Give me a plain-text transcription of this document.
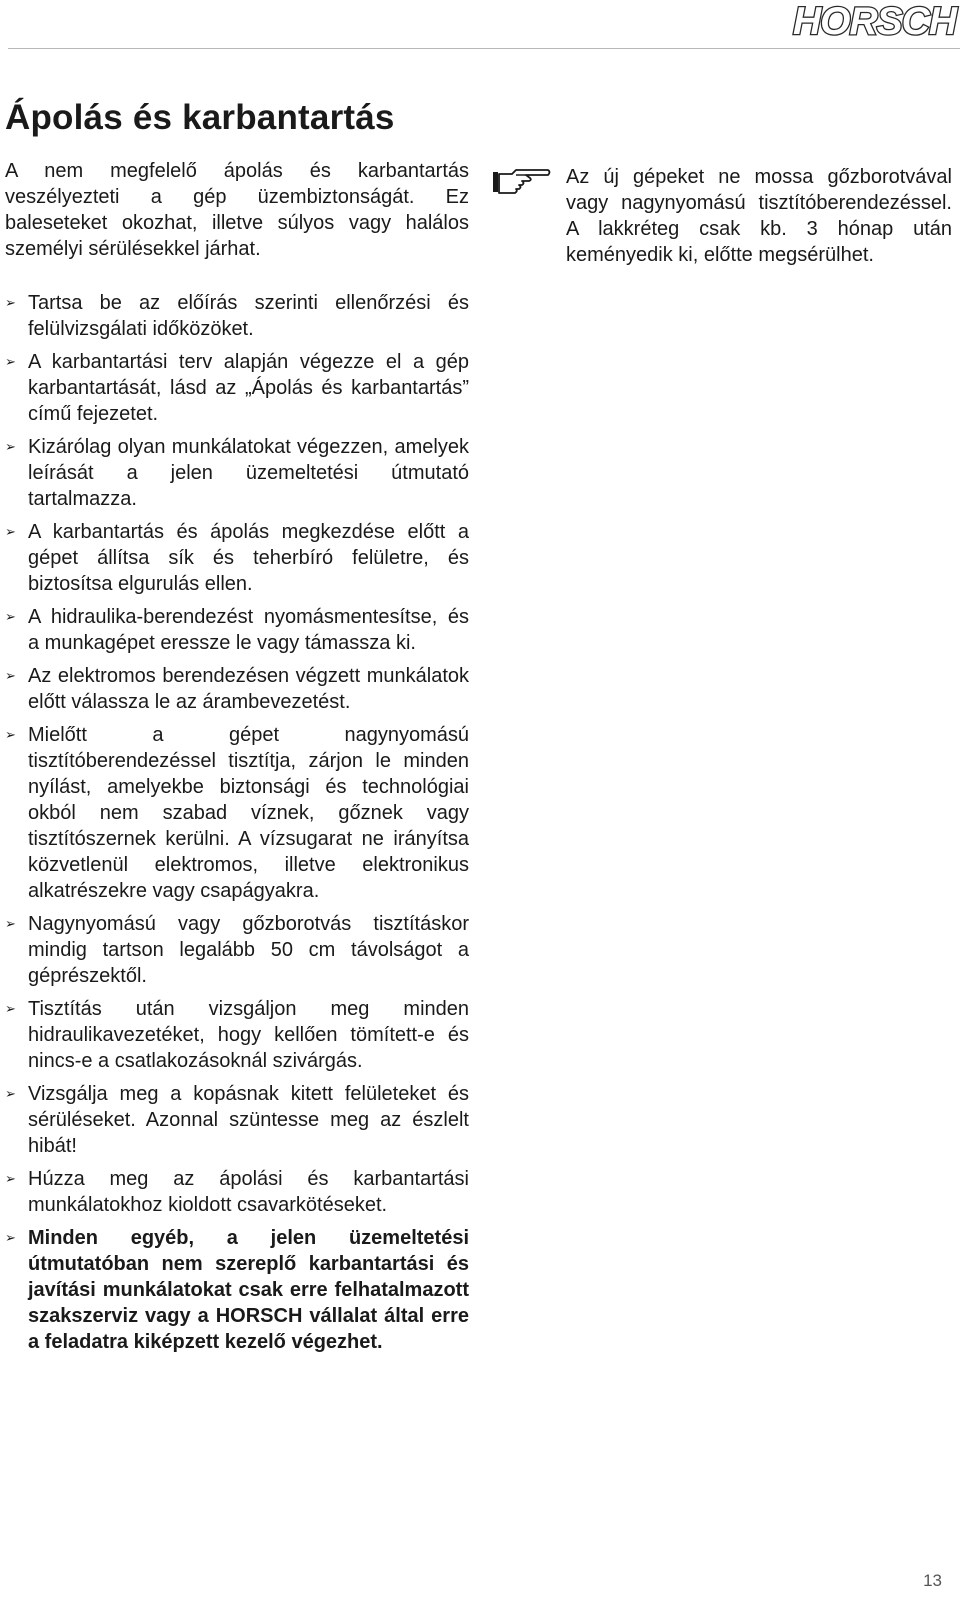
HORSCH
Ápolás és karbantartás

A nem megfelelő ápolás és karbantartás veszélyezteti a gép üzembiztonságát. Ez baleseteket okozhat, illetve súlyos vagy halálos személyi sérülésekkel járhat.

Az új gépeket ne mossa gőzborotvával vagy nagynyomású tisztítóberendezéssel. A lakkréteg csak kb. 3 hónap után keményedik ki, előtte megsérülhet.

➢ Tartsa be az előírás szerinti ellenőrzési és felülvizsgálati időközöket.
➢ A karbantartási terv alapján végezze el a gép karbantartását, lásd az „Ápolás és karbantartás” című fejezetet.
➢ Kizárólag olyan munkálatokat végezzen, amelyek leírását a jelen üzemeltetési útmutató tartalmazza.
➢ A karbantartás és ápolás megkezdése előtt a gépet állítsa sík és teherbíró felületre, és biztosítsa elgurulás ellen.
➢ A hidraulika-berendezést nyomásmentesítse, és a munkagépet eressze le vagy támassza ki.
➢ Az elektromos berendezésen végzett munkálatok előtt válassza le az árambevezetést.
➢ Mielőtt a gépet nagynyomású tisztítóberendezéssel tisztítja, zárjon le minden nyílást, amelyekbe biztonsági és technológiai okból nem szabad víznek, gőznek vagy tisztítószernek kerülni. A vízsugarat ne irányítsa közvetlenül elektromos, illetve elektronikus alkatrészekre vagy csapágyakra.
➢ Nagynyomású vagy gőzborotvás tisztításkor mindig tartson legalább 50 cm távolságot a géprészektől.
➢ Tisztítás után vizsgáljon meg minden hidraulikavezetéket, hogy kellően tömített-e és nincs-e a csatlakozásoknál szivárgás.
➢ Vizsgálja meg a kopásnak kitett felületeket és sérüléseket. Azonnal szüntesse meg az észlelt hibát!
➢ Húzza meg az ápolási és karbantartási munkálatokhoz kioldott csavarkötéseket.
➢ Minden egyéb, a jelen üzemeltetési útmutatóban nem szereplő karbantartási és javítási munkálatokat csak erre felhatalmazott szakszerviz vagy a HORSCH vállalat által erre a feladatra kiképzett kezelő végezhet.
13
